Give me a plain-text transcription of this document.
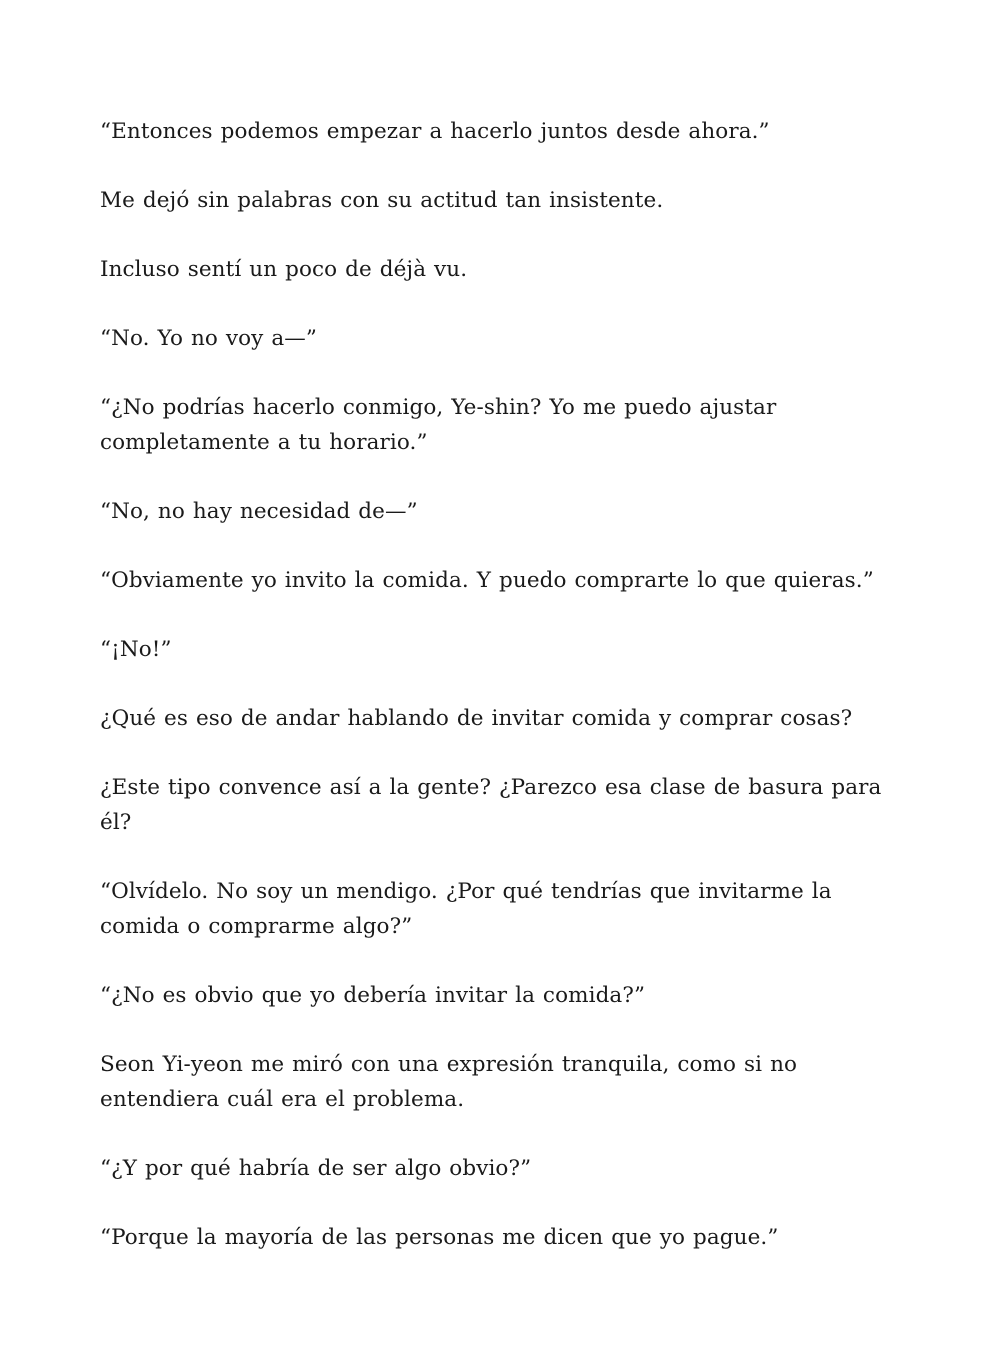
“Entonces podemos empezar a hacerlo juntos desde ahora.”

Me dejó sin palabras con su actitud tan insistente.

Incluso sentí un poco de déjà vu.

“No. Yo no voy a—”

“¿No podrías hacerlo conmigo, Ye-shin? Yo me puedo ajustar completamente a tu horario.”

“No, no hay necesidad de—”

“Obviamente yo invito la comida. Y puedo comprarte lo que quieras.”

“¡No!”

¿Qué es eso de andar hablando de invitar comida y comprar cosas?

¿Este tipo convence así a la gente? ¿Parezco esa clase de basura para él?

“Olvídelo. No soy un mendigo. ¿Por qué tendrías que invitarme la comida o comprarme algo?”

“¿No es obvio que yo debería invitar la comida?”

Seon Yi-yeon me miró con una expresión tranquila, como si no entendiera cuál era el problema.

“¿Y por qué habría de ser algo obvio?”

“Porque la mayoría de las personas me dicen que yo pague.”
